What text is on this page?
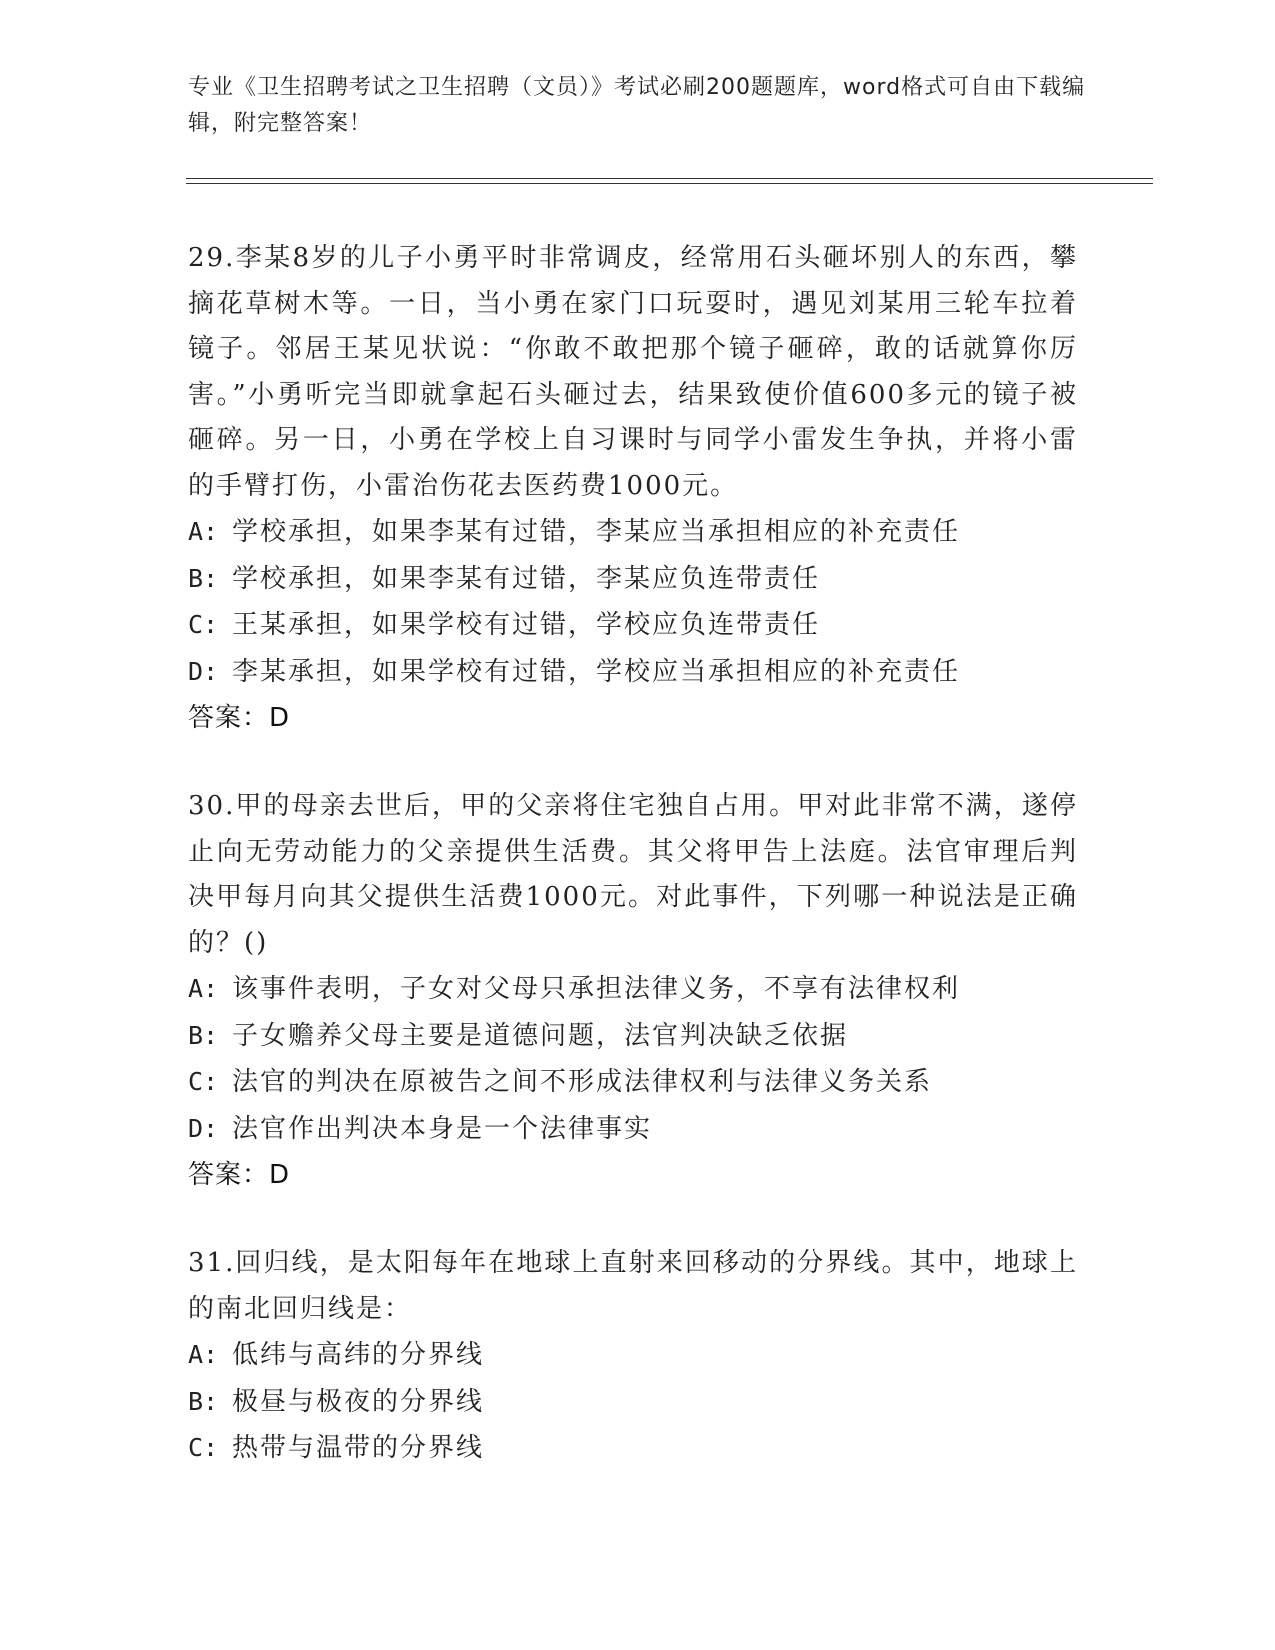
专业《卫生招聘考试之卫生招聘（文员）》考试必刷200题题库，word格式可自由下载编辑，附完整答案！

29.李某8岁的儿子小勇平时非常调皮，经常用石头砸坏别人的东西，攀摘花草树木等。一日，当小勇在家门口玩耍时，遇见刘某用三轮车拉着镜子。邻居王某见状说：“你敢不敢把那个镜子砸碎，敢的话就算你厉害。”小勇听完当即就拿起石头砸过去，结果致使价值600多元的镜子被砸碎。另一日，小勇在学校上自习课时与同学小雷发生争执，并将小雷的手臂打伤，小雷治伤花去医药费1000元。

A: 学校承担，如果李某有过错，李某应当承担相应的补充责任

B: 学校承担，如果李某有过错，李某应负连带责任

C: 王某承担，如果学校有过错，学校应负连带责任

D: 李某承担，如果学校有过错，学校应当承担相应的补充责任

答案：D

30.甲的母亲去世后，甲的父亲将住宅独自占用。甲对此非常不满，遂停止向无劳动能力的父亲提供生活费。其父将甲告上法庭。法官审理后判决甲每月向其父提供生活费1000元。对此事件，下列哪一种说法是正确的？()

A: 该事件表明，子女对父母只承担法律义务，不享有法律权利

B: 子女赡养父母主要是道德问题，法官判决缺乏依据

C: 法官的判决在原被告之间不形成法律权利与法律义务关系

D: 法官作出判决本身是一个法律事实

答案：D

31.回归线，是太阳每年在地球上直射来回移动的分界线。其中，地球上的南北回归线是：

A: 低纬与高纬的分界线

B: 极昼与极夜的分界线

C: 热带与温带的分界线
